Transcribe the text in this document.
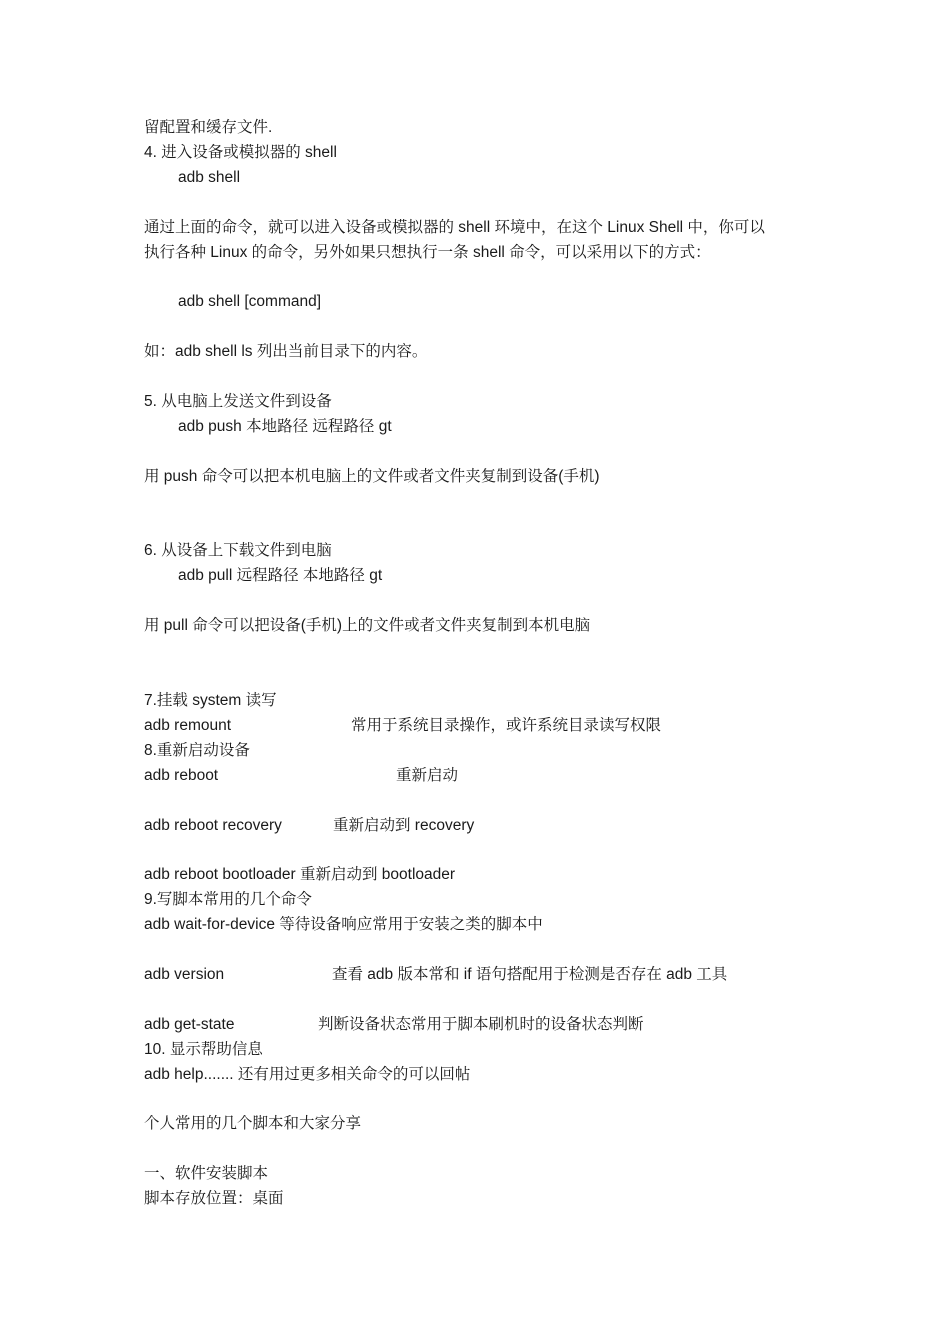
留配置和缓存文件.
4. 进入设备或模拟器的 shell
adb shell
通过上面的命令，就可以进入设备或模拟器的 shell 环境中，在这个 Linux Shell 中，你可以
执行各种 Linux 的命令，另外如果只想执行一条 shell 命令，可以采用以下的方式：
adb shell [command]
如：adb shell ls 列出当前目录下的内容。
5. 从电脑上发送文件到设备
adb push 本地路径 远程路径 gt
用 push 命令可以把本机电脑上的文件或者文件夹复制到设备(手机)
6. 从设备上下载文件到电脑
adb pull 远程路径 本地路径 gt
用 pull 命令可以把设备(手机)上的文件或者文件夹复制到本机电脑
7.挂载 system 读写
adb remount	常用于系统目录操作，或许系统目录读写权限
8.重新启动设备
adb reboot	重新启动
adb reboot recovery	重新启动到 recovery
adb reboot bootloader 重新启动到 bootloader
9.写脚本常用的几个命令
adb wait-for-device 等待设备响应常用于安装之类的脚本中
adb version	查看 adb 版本常和 if 语句搭配用于检测是否存在 adb 工具
adb get-state	判断设备状态常用于脚本刷机时的设备状态判断
10. 显示帮助信息
adb help....... 还有用过更多相关命令的可以回帖
个人常用的几个脚本和大家分享
一、软件安装脚本
脚本存放位置：桌面
